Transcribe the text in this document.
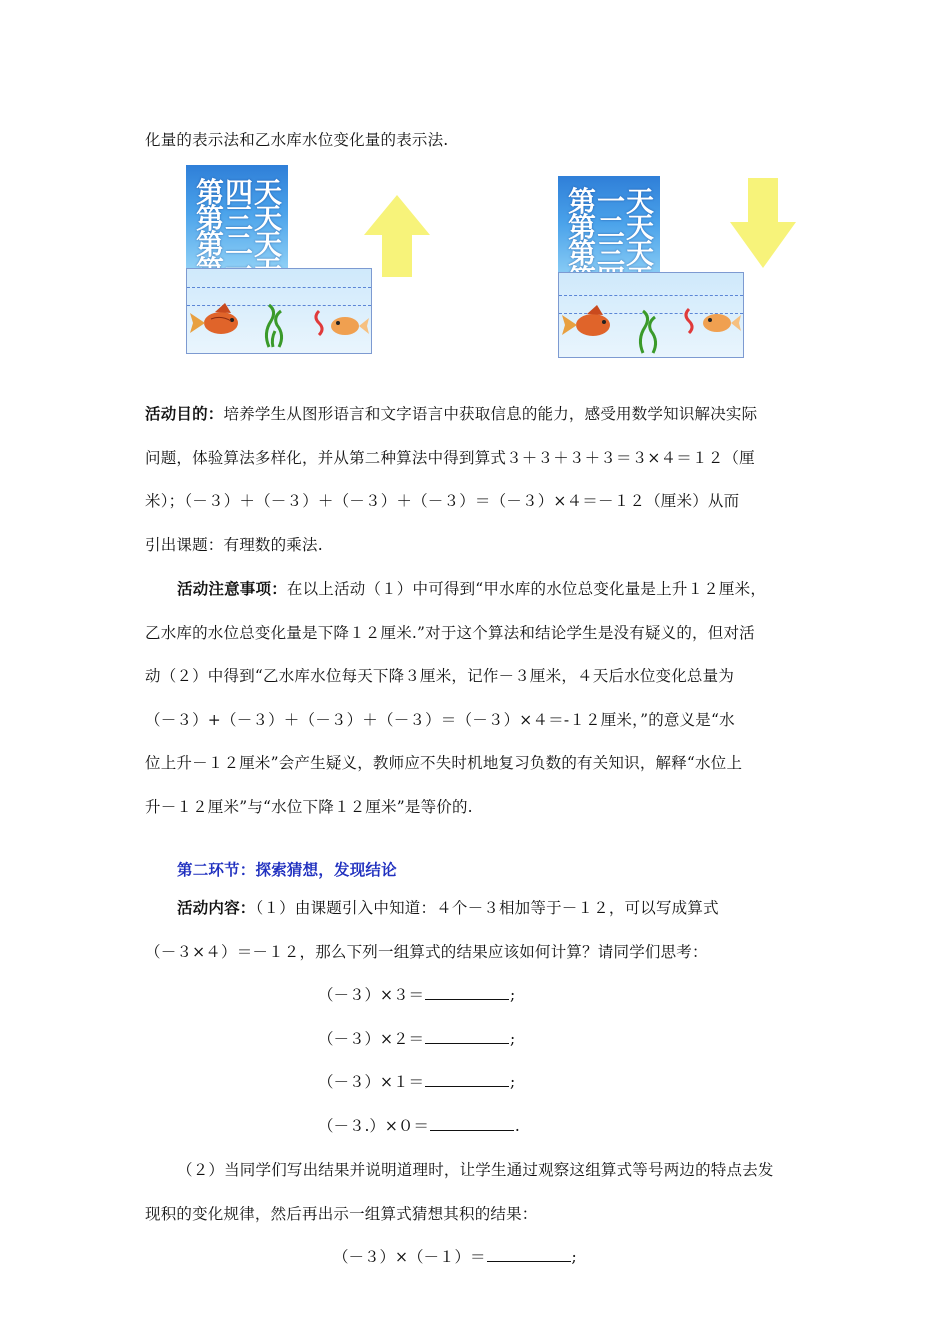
化量的表示法和乙水库水位变化量的表示法.
第四天
第三天
第二天
第一天
第二天
第三天
活动目的：培养学生从图形语言和文字语言中获取信息的能力，感受用数学知识解决实际
问题，体验算法多样化，并从第二种算法中得到算式３＋３＋３＋３＝３×４＝１２（厘
米）；（－３）＋（－３）＋（－３）＋（－３）＝（－３）×４＝－１２（厘米）从而
引出课题：有理数的乘法.
活动注意事项：在以上活动（１）中可得到“甲水库的水位总变化量是上升１２厘米，
乙水库的水位总变化量是下降１２厘米.”对于这个算法和结论学生是没有疑义的，但对活
动（２）中得到“乙水库水位每天下降３厘米，记作－３厘米，４天后水位变化总量为
（－３）+（－３）＋（－３）＋（－３）＝（－３）×４＝-１２厘米，”的意义是“水
位上升－１２厘米”会产生疑义，教师应不失时机地复习负数的有关知识，解释“水位上
升－１２厘米”与“水位下降１２厘米”是等价的.
第二环节：探索猜想，发现结论
活动内容：（１）由课题引入中知道：４个－３相加等于－１２，可以写成算式
（－３×４）＝－１２，那么下列一组算式的结果应该如何计算？请同学们思考：
（－３）×３＝	;
（－３）×２＝	;
（－３）×１＝	;
（－３.）×０＝	.
（２）当同学们写出结果并说明道理时，让学生通过观察这组算式等号两边的特点去发
现积的变化规律，然后再出示一组算式猜想其积的结果：
（－３）×（－１）＝	;
